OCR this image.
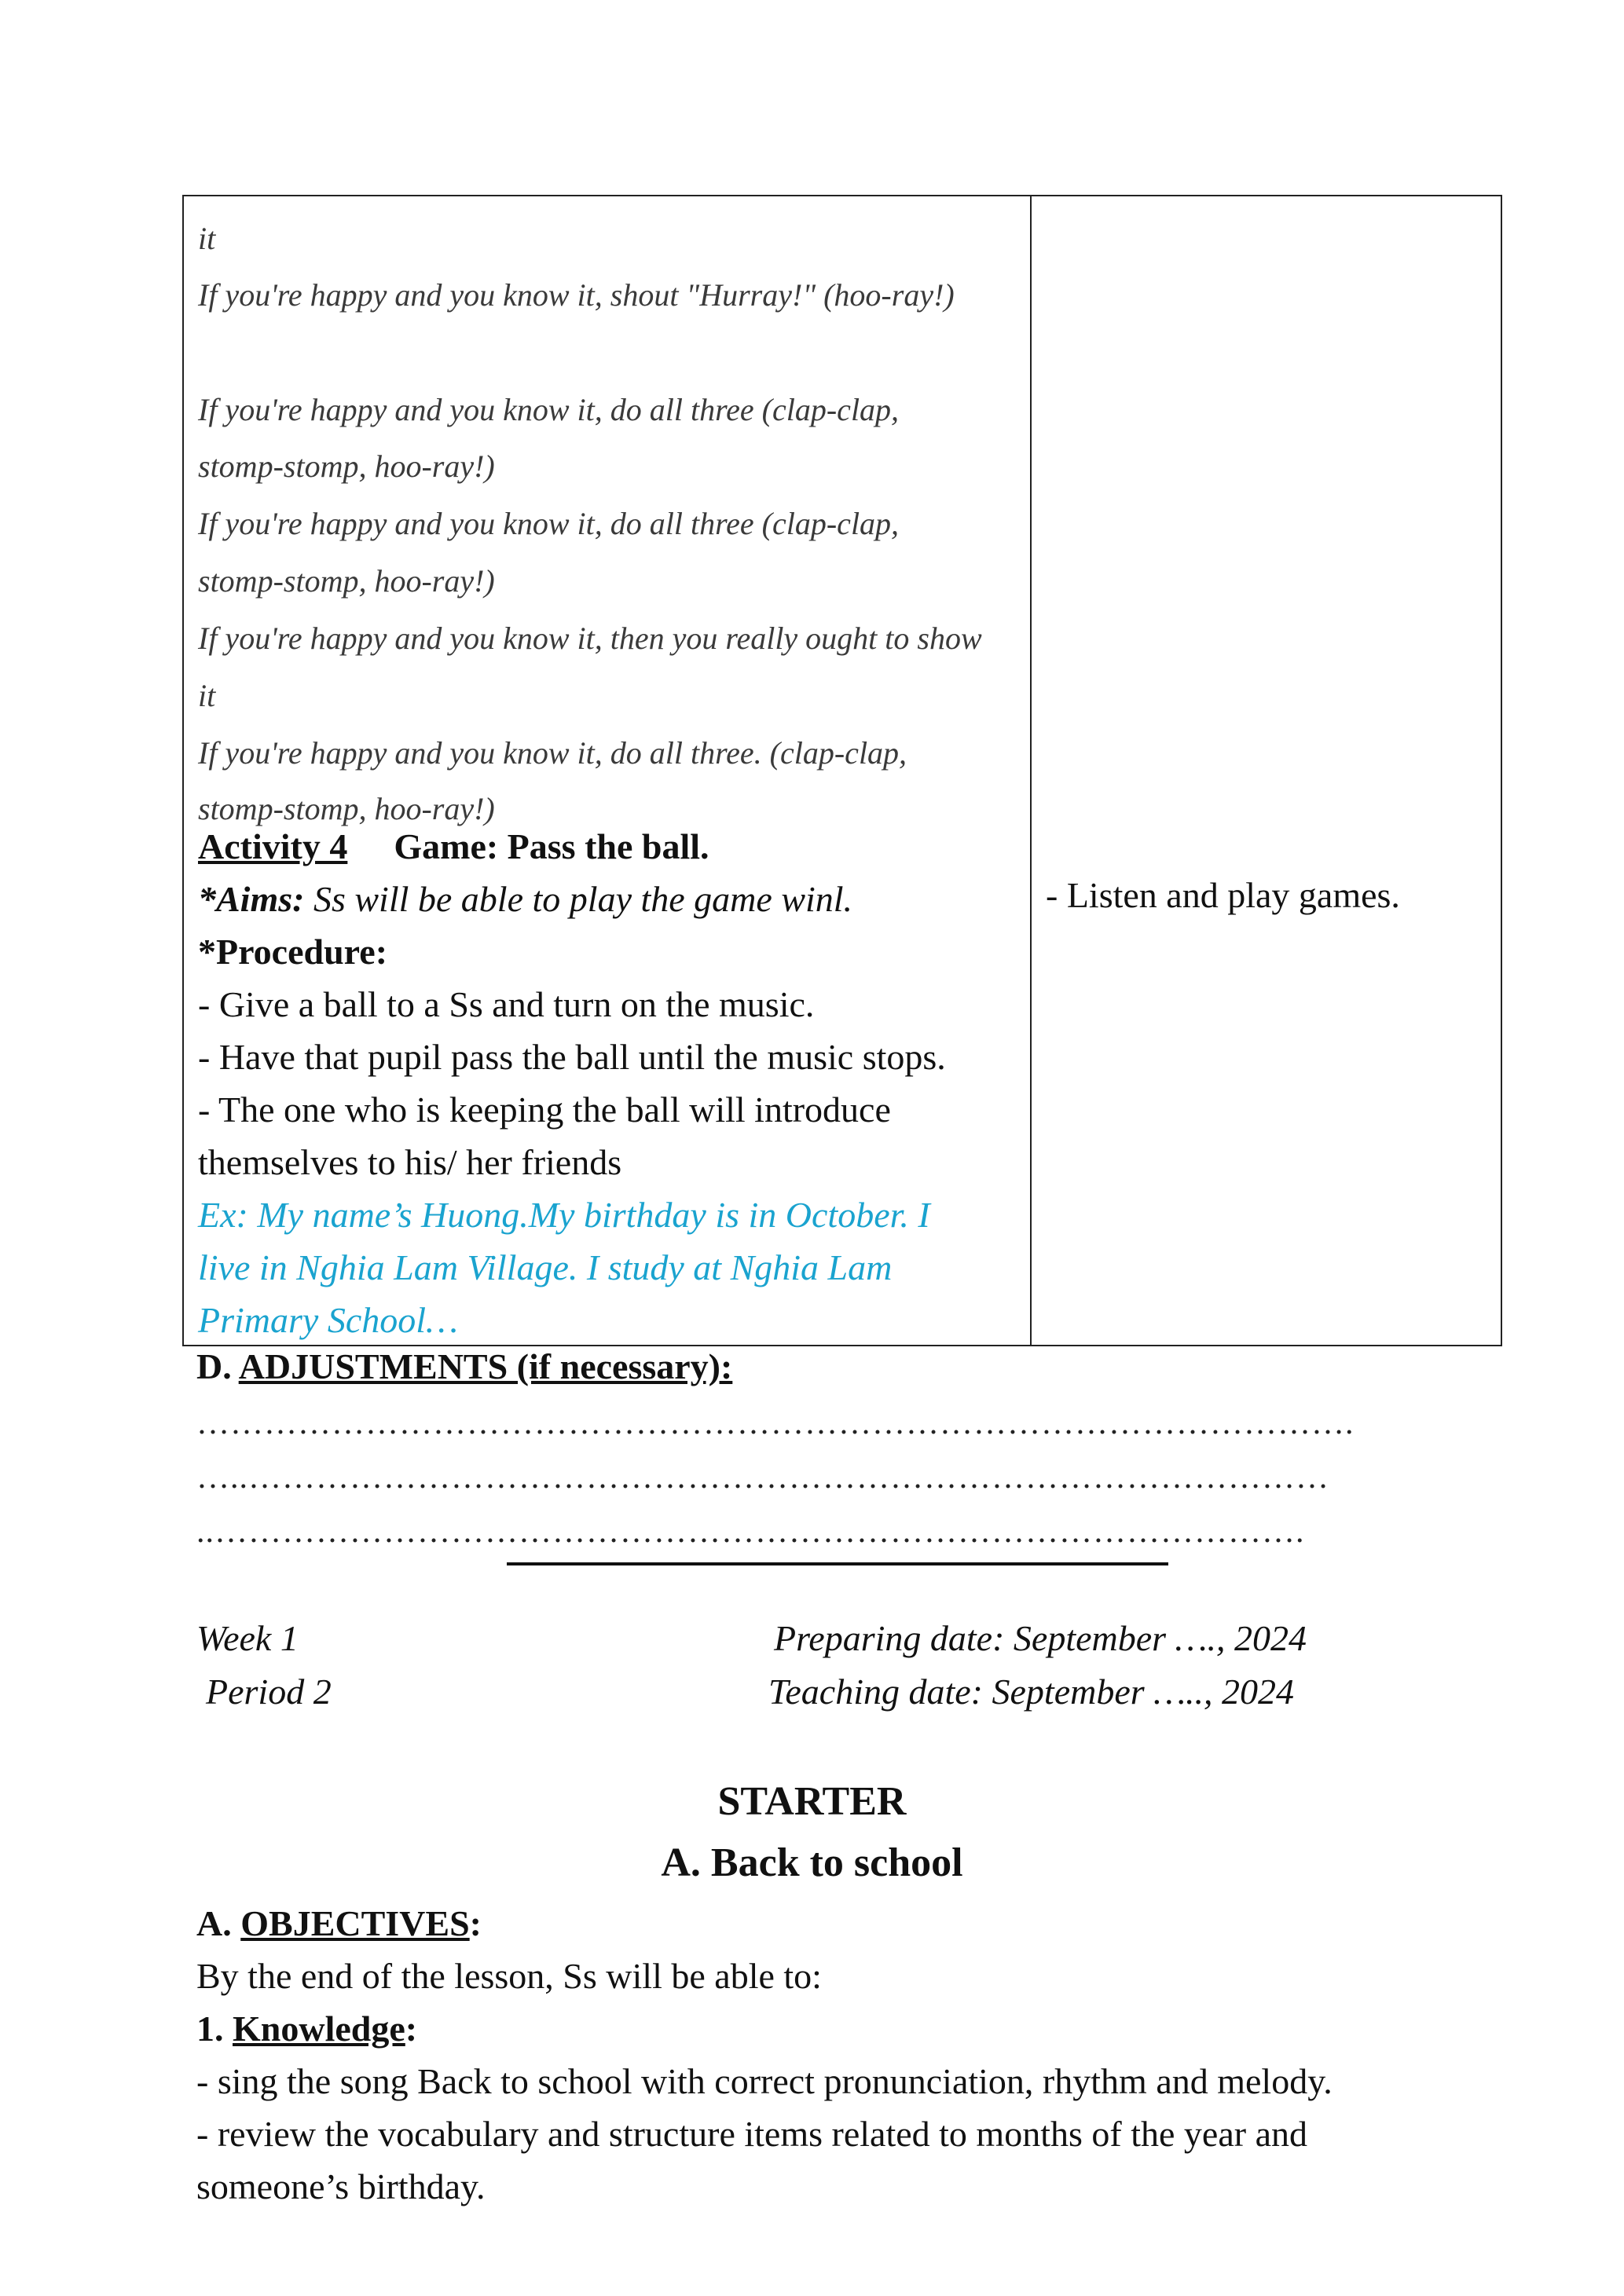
it
If you're happy and you know it, shout "Hurray!" (hoo-ray!)
If you're happy and you know it, do all three (clap-clap,
stomp-stomp, hoo-ray!)
If you're happy and you know it, do all three (clap-clap,
stomp-stomp, hoo-ray!)
If you're happy and you know it, then you really ought to show
it
If you're happy and you know it, do all three. (clap-clap,
stomp-stomp, hoo-ray!)
Activity 4 Game: Pass the ball.
*Aims: Ss will be able to play the game winl.
*Procedure:
- Give a ball to a Ss and turn on the music.
- Have that pupil pass the ball until the music stops.
- The one who is keeping the ball will introduce
themselves to his/ her friends
Ex: My name’s Huong.My birthday is in October. I
live in Nghia Lam Village. I study at Nghia Lam
Primary School…
- Listen and play games.
D. ADJUSTMENTS (if necessary):
………………………………………………………………………………………….
…..……………………………………………………………………………………
..…………………………………………………………………………………….
Week 1
Period 2
Preparing date: September …., 2024
Teaching date: September ….., 2024
STARTER
A. Back to school
A. OBJECTIVES:
By the end of the lesson, Ss will be able to:
1. Knowledge:
- sing the song Back to school with correct pronunciation, rhythm and melody.
- review the vocabulary and structure items related to months of the year and
someone’s birthday.
